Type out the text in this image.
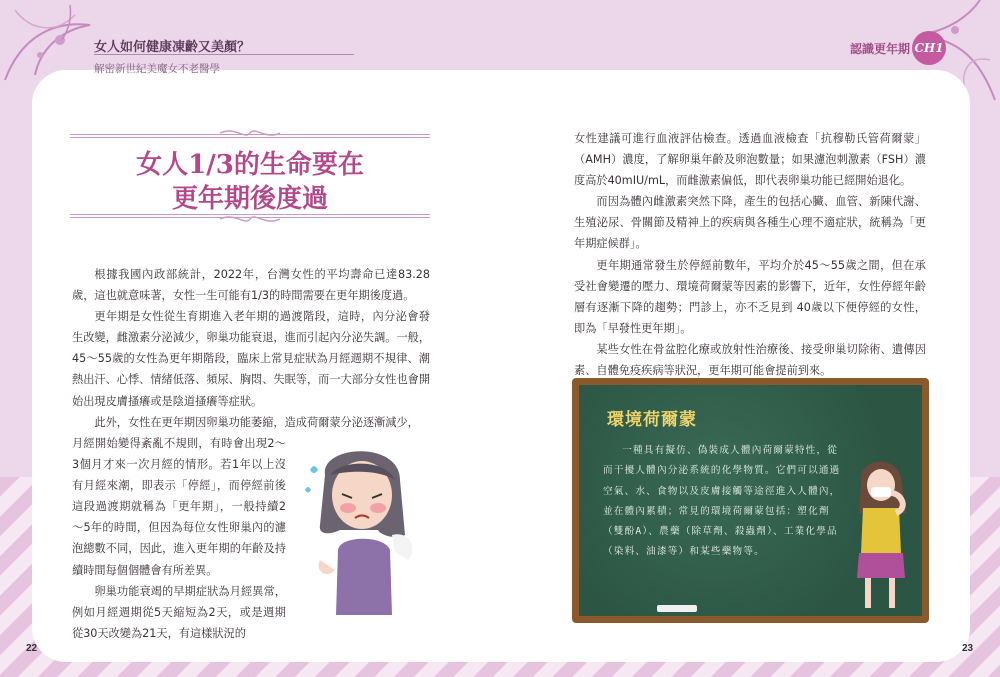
女人如何健康凍齡又美顏？
解密新世紀美魔女不老醫學
認識更年期 CH1
女人1/3的生命要在
更年期後度過

根據我國內政部統計，2022年，台灣女性的平均壽命已達83.28歲，這也就意味著，女性一生可能有1/3的時間需要在更年期後度過。

更年期是女性從生育期進入老年期的過渡階段，這時，內分泌會發生改變，雌激素分泌減少，卵巢功能衰退，進而引起內分泌失調。一般，45～55歲的女性為更年期階段，臨床上常見症狀為月經週期不規律、潮熱出汗、心悸、情緒低落、頻尿、胸悶、失眠等，而一大部分女性也會開始出現皮膚搔癢或是陰道搔癢等症狀。

此外，女性在更年期因卵巢功能萎縮，造成荷爾蒙分泌逐漸減少，

月經開始變得紊亂不規則，有時會出現2～3個月才來一次月經的情形。若1年以上沒有月經來潮，即表示「停經」，而停經前後這段過渡期就稱為「更年期」，一般持續2～5年的時間，但因為每位女性卵巢內的濾泡總數不同，因此，進入更年期的年齡及持續時間每個個體會有所差異。

卵巢功能衰竭的早期症狀為月經異常，例如月經週期從5天縮短為2天，或是週期從30天改變為21天，有這樣狀況的

女性建議可進行血液評估檢查。透過血液檢查「抗穆勒氏管荷爾蒙」（AMH）濃度，了解卵巢年齡及卵泡數量；如果濾泡刺激素（FSH）濃度高於40mIU/mL，而雌激素偏低，即代表卵巢功能已經開始退化。

而因為體內雌激素突然下降，產生的包括心臟、血管、新陳代謝、生殖泌尿、骨關節及精神上的疾病與各種生心理不適症狀，統稱為「更年期症候群」。

更年期通常發生於停經前數年，平均介於45～55歲之間，但在承受社會變遷的壓力、環境荷爾蒙等因素的影響下，近年，女性停經年齡層有逐漸下降的趨勢；門診上，亦不乏見到 40歲以下便停經的女性，即為「早發性更年期」。

某些女性在骨盆腔化療或放射性治療後、接受卵巢切除術、遺傳因素、自體免疫疾病等狀況，更年期可能會提前到來。

環境荷爾蒙

一種具有擬仿、偽裝成人體內荷爾蒙特性，從而干擾人體內分泌系統的化學物質。它們可以通過空氣、水、食物以及皮膚接觸等途徑進入人體內，並在體內累積；常見的環境荷爾蒙包括：塑化劑（雙酚A）、農藥（除草劑、殺蟲劑）、工業化學品（染料、油漆等）和某些藥物等。

22	23
